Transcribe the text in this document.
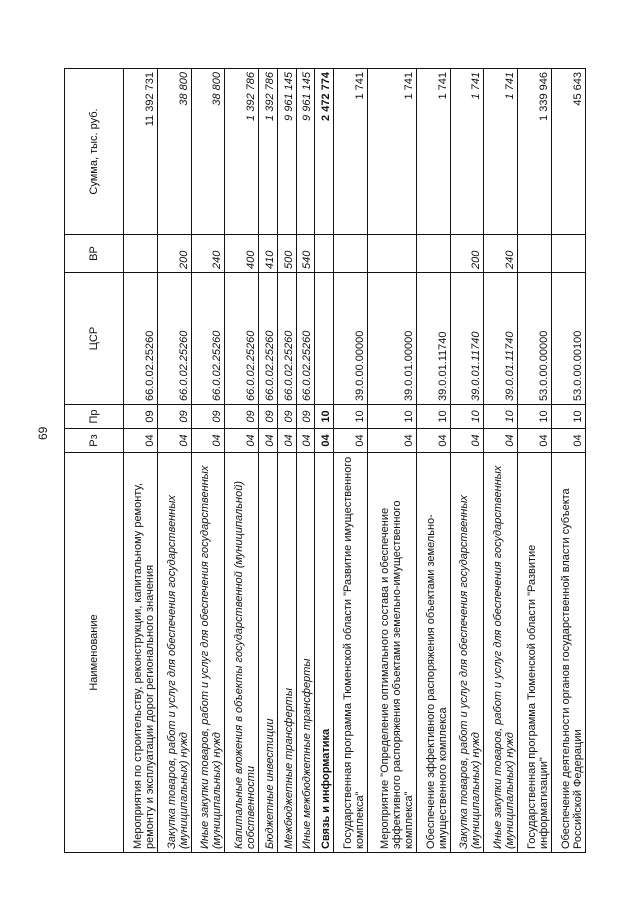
69
Наименование	Рз	Пр	ЦСР	ВР	Сумма, тыс. руб.
Мероприятия по строительству, реконструкции, капитальному ремонту, ремонту и эксплуатации дорог регионального значения	04	09	66.0.02.25260		11 392 731
Закупка товаров, работ и услуг для обеспечения государственных (муниципальных) нужд	04	09	66.0.02.25260	200	38 800
Иные закупки товаров, работ и услуг для обеспечения государственных (муниципальных) нужд	04	09	66.0.02.25260	240	38 800
Капитальные вложения в объекты государственной (муниципальной) собственности	04	09	66.0.02.25260	400	1 392 786
Бюджетные инвестиции	04	09	66.0.02.25260	410	1 392 786
Межбюджетные трансферты	04	09	66.0.02.25260	500	9 961 145
Иные межбюджетные трансферты	04	09	66.0.02.25260	540	9 961 145
Связь и информатика	04	10			2 472 774
Государственная программа Тюменской области "Развитие имущественного комплекса"	04	10	39.0.00.00000		1 741
Мероприятие "Определение оптимального состава и обеспечение эффективного распоряжения объектами земельно-имущественного комплекса"	04	10	39.0.01.00000		1 741
Обеспечение эффективного распоряжения объектами земельно-имущественного комплекса	04	10	39.0.01.11740		1 741
Закупка товаров, работ и услуг для обеспечения государственных (муниципальных) нужд	04	10	39.0.01.11740	200	1 741
Иные закупки товаров, работ и услуг для обеспечения государственных (муниципальных) нужд	04	10	39.0.01.11740	240	1 741
Государственная программа Тюменской области "Развитие информатизации"	04	10	53.0.00.00000		1 339 946
Обеспечение деятельности органов государственной власти субъекта Российской Федерации	04	10	53.0.00.00100		45 643
